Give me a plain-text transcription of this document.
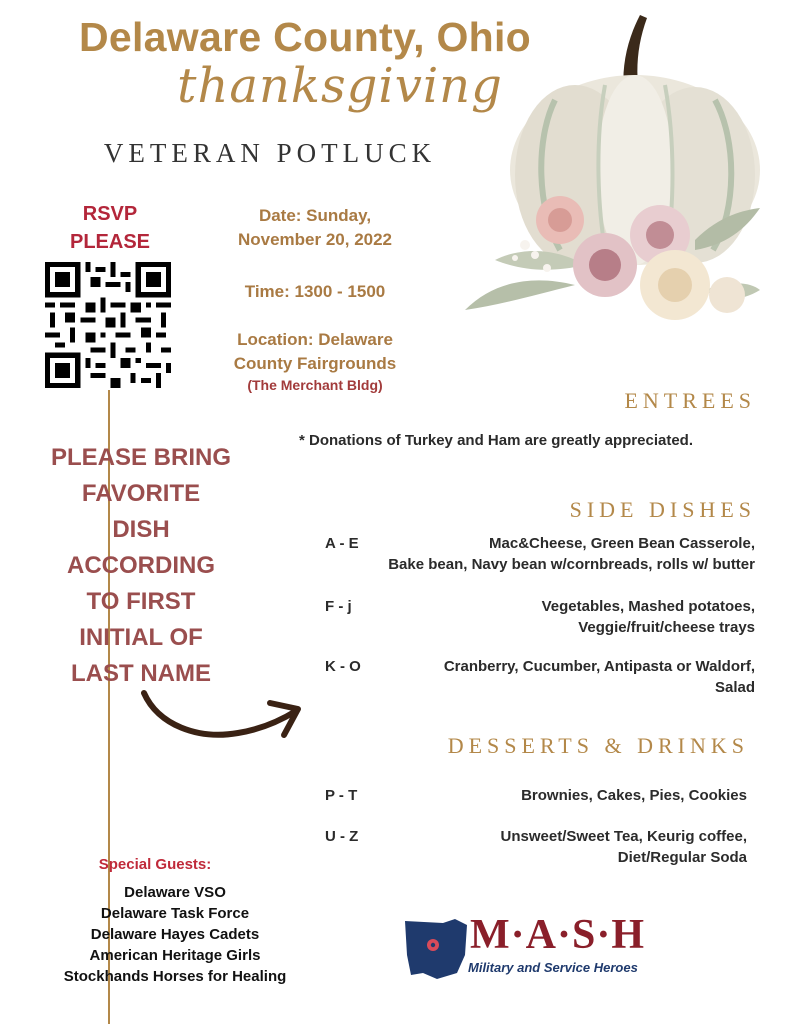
Delaware County, Ohio
thanksgiving
VETERAN POTLUCK
RSVP
PLEASE
Date: Sunday,
November 20, 2022
Time: 1300 - 1500
Location: Delaware
County Fairgrounds
(The Merchant Bldg)
PLEASE BRING
FAVORITE
DISH
ACCORDING
TO FIRST
INITIAL OF
LAST NAME
ENTREES
* Donations of Turkey and Ham are greatly appreciated.
SIDE DISHES
A - E	Mac&Cheese, Green Bean Casserole,
Bake bean, Navy bean w/cornbreads, rolls w/ butter
F - j	Vegetables, Mashed potatoes,
Veggie/fruit/cheese trays
K - O	Cranberry, Cucumber, Antipasta or Waldorf,
Salad
DESSERTS & DRINKS
P - T	Brownies, Cakes, Pies, Cookies
U - Z	Unsweet/Sweet Tea, Keurig coffee,
Diet/Regular Soda
Special Guests:
Delaware VSO
Delaware Task Force
Delaware Hayes Cadets
American Heritage Girls
Stockhands Horses for Healing
M·A·S·H
Military and Service Heroes
